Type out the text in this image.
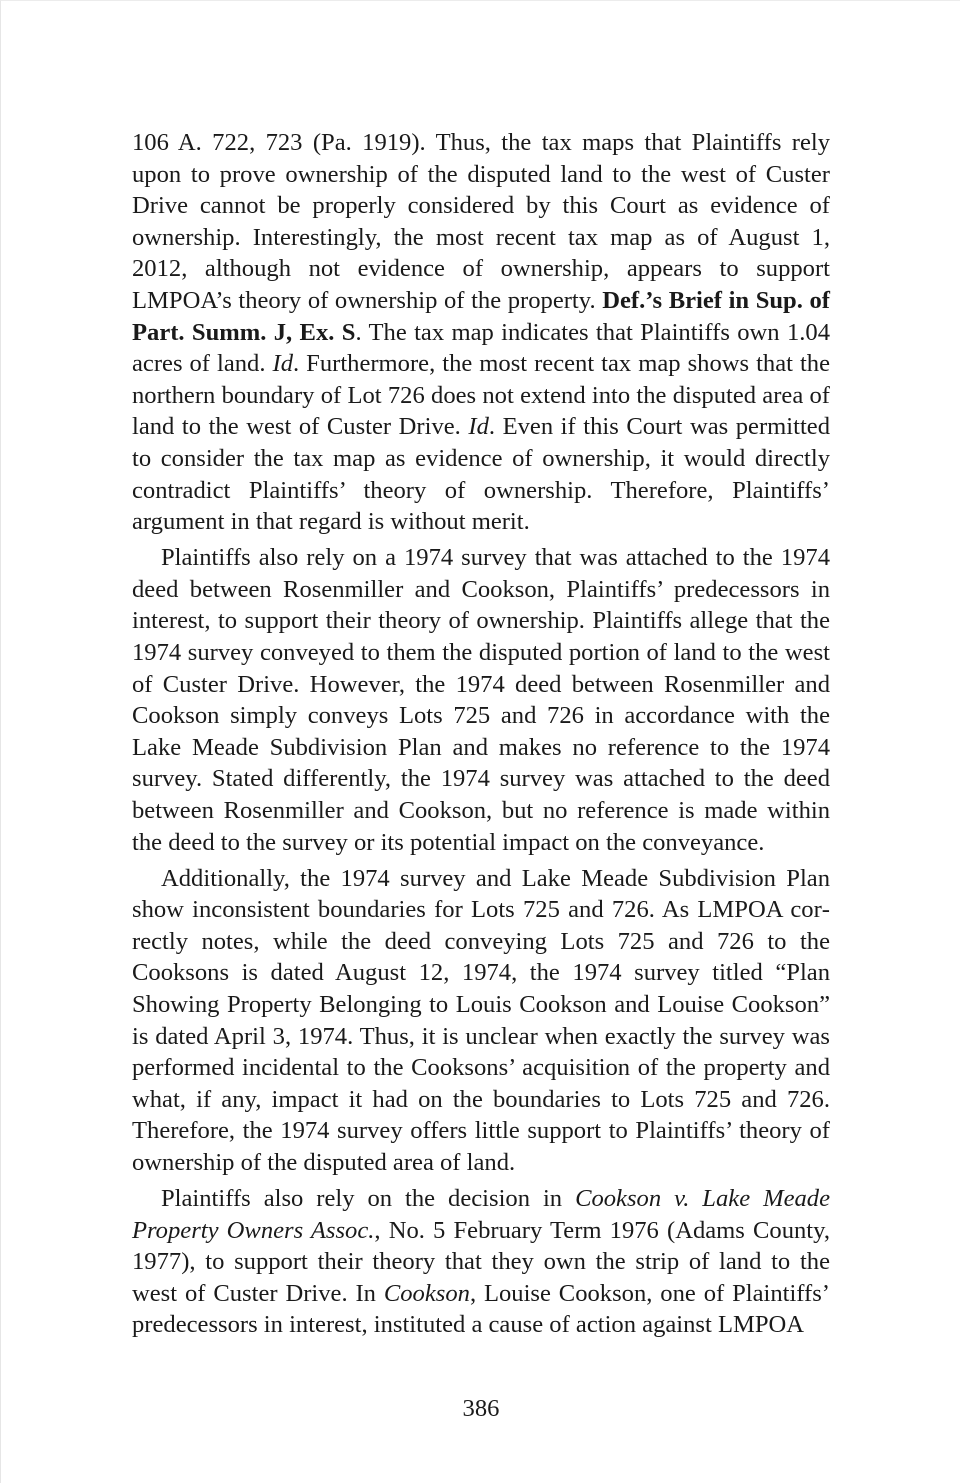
106 A. 722, 723 (Pa. 1919). Thus, the tax maps that Plaintiffs rely upon to prove ownership of the disputed land to the west of Custer Drive cannot be properly considered by this Court as evidence of ownership. Interestingly, the most recent tax map as of August 1, 2012, although not evidence of ownership, appears to support LMPOA’s theory of ownership of the property. Def.’s Brief in Sup. of Part. Summ. J, Ex. S. The tax map indicates that Plaintiffs own 1.04 acres of land. Id. Furthermore, the most recent tax map shows that the northern boundary of Lot 726 does not extend into the disputed area of land to the west of Custer Drive. Id. Even if this Court was permitted to consider the tax map as evidence of ownership, it would directly contradict Plaintiffs’ theory of ownership. Therefore, Plaintiffs’ argument in that regard is without merit.

Plaintiffs also rely on a 1974 survey that was attached to the 1974 deed between Rosenmiller and Cookson, Plaintiffs’ predecessors in interest, to support their theory of ownership. Plaintiffs allege that the 1974 survey conveyed to them the disputed portion of land to the west of Custer Drive. However, the 1974 deed between Rosenmiller and Cookson simply conveys Lots 725 and 726 in accordance with the Lake Meade Subdivision Plan and makes no reference to the 1974 survey. Stated differently, the 1974 survey was attached to the deed between Rosenmiller and Cookson, but no reference is made within the deed to the survey or its potential impact on the conveyance.

Additionally, the 1974 survey and Lake Meade Subdivision Plan show inconsistent boundaries for Lots 725 and 726. As LMPOA correctly notes, while the deed conveying Lots 725 and 726 to the Cooksons is dated August 12, 1974, the 1974 survey titled “Plan Showing Property Belonging to Louis Cookson and Louise Cookson” is dated April 3, 1974. Thus, it is unclear when exactly the survey was performed incidental to the Cooksons’ acquisition of the property and what, if any, impact it had on the boundaries to Lots 725 and 726. Therefore, the 1974 survey offers little support to Plaintiffs’ theory of ownership of the disputed area of land.

Plaintiffs also rely on the decision in Cookson v. Lake Meade Property Owners Assoc., No. 5 February Term 1976 (Adams County, 1977), to support their theory that they own the strip of land to the west of Custer Drive. In Cookson, Louise Cookson, one of Plaintiffs’ predecessors in interest, instituted a cause of action against LMPOA

386
